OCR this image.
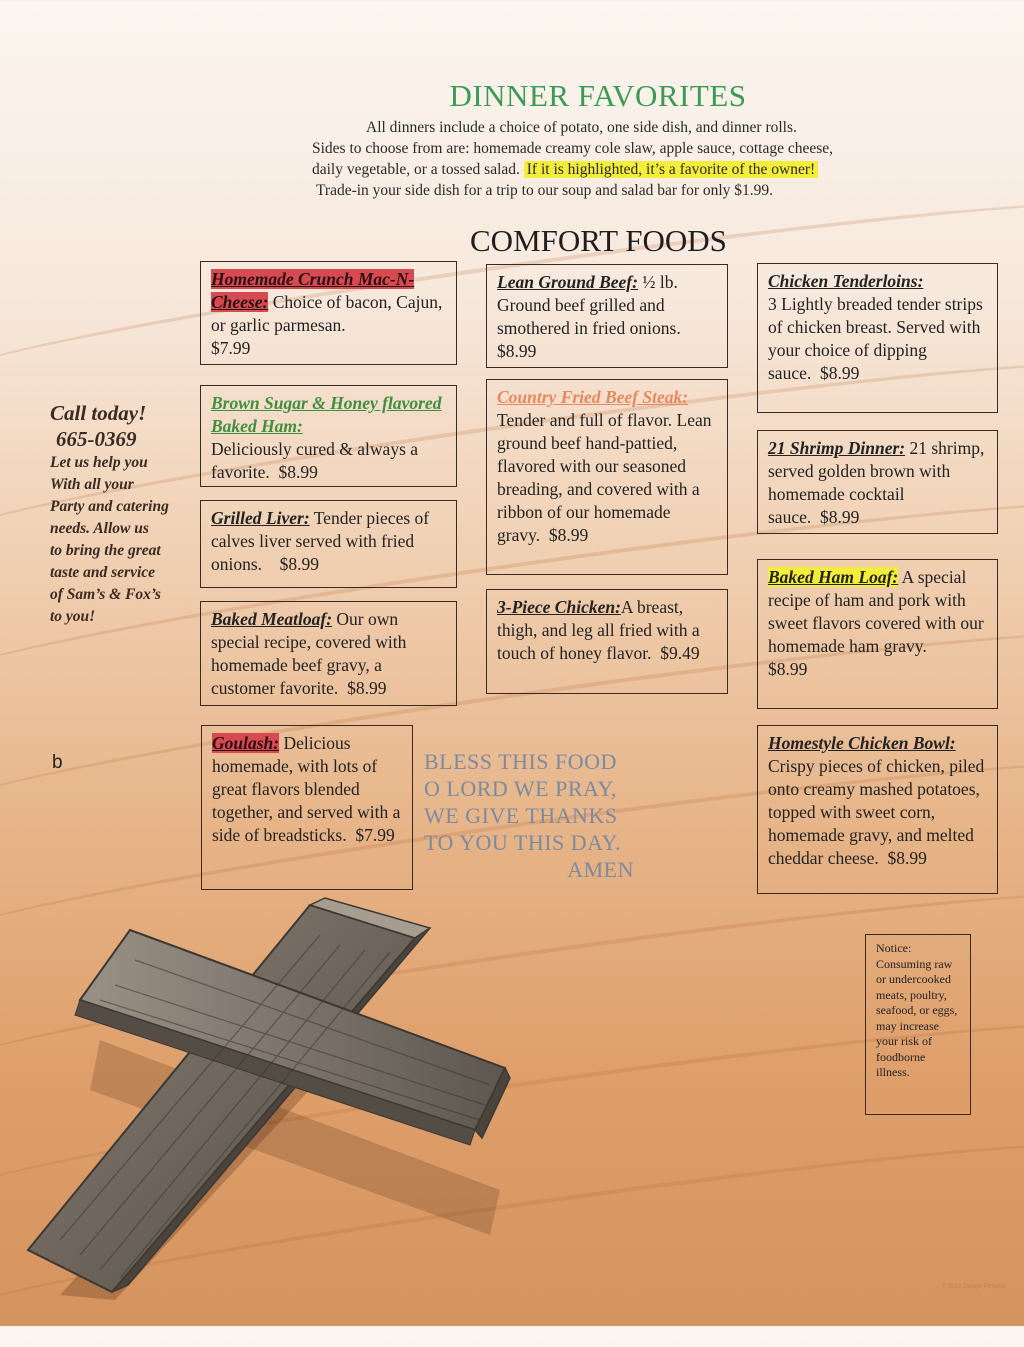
DINNER FAVORITES
All dinners include a choice of potato, one side dish, and dinner rolls.
Sides to choose from are: homemade creamy cole slaw, apple sauce, cottage cheese,
daily vegetable, or a tossed salad. If it is highlighted, it’s a favorite of the owner!
Trade-in your side dish for a trip to our soup and salad bar for only $1.99.
COMFORT FOODS
Homemade Crunch Mac-N-Cheese: Choice of bacon, Cajun, or garlic parmesan.
$7.99
Brown Sugar & Honey flavored Baked Ham:
Deliciously cured & always a favorite. $8.99
Grilled Liver: Tender pieces of calves liver served with fried onions. $8.99
Baked Meatloaf: Our own special recipe, covered with homemade beef gravy, a customer favorite. $8.99
Goulash: Delicious homemade, with lots of great flavors blended together, and served with a side of breadsticks. $7.99
Lean Ground Beef: ½ lb. Ground beef grilled and smothered in fried onions.
$8.99
Country Fried Beef Steak: Tender and full of flavor. Lean ground beef hand-pattied, flavored with our seasoned breading, and covered with a ribbon of our homemade gravy. $8.99
3-Piece Chicken:A breast, thigh, and leg all fried with a touch of honey flavor. $9.49
Chicken Tenderloins:
3 Lightly breaded tender strips of chicken breast. Served with your choice of dipping sauce. $8.99
21 Shrimp Dinner: 21 shrimp, served golden brown with homemade cocktail sauce. $8.99
Baked Ham Loaf: A special recipe of ham and pork with sweet flavors covered with our homemade ham gravy.
$8.99
Homestyle Chicken Bowl:
Crispy pieces of chicken, piled onto creamy mashed potatoes, topped with sweet corn, homemade gravy, and melted cheddar cheese. $8.99
Call today!
665-0369
Let us help you
With all your
Party and catering
needs. Allow us
to bring the great
taste and service
of Sam’s & Fox’s
to you!
b	BLESS THIS FOOD
O LORD WE PRAY,
WE GIVE THANKS
TO YOU THIS DAY.
AMEN
Notice: Consuming raw or undercooked meats, poultry, seafood, or eggs, may increase your risk of foodborne illness.
© 2012 Design Pictures
